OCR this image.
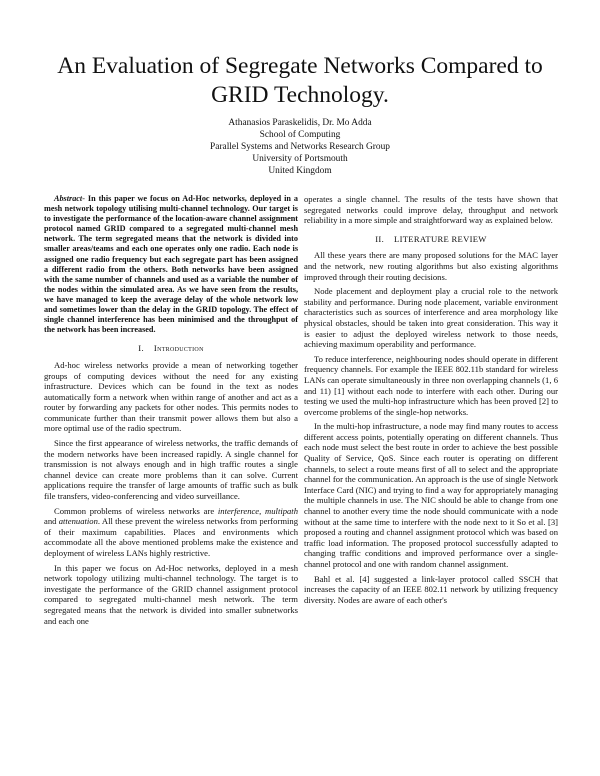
An Evaluation of Segregate Networks Compared to GRID Technology.
Athanasios Paraskelidis, Dr. Mo Adda
School of Computing
Parallel Systems and Networks Research Group
University of Portsmouth
United Kingdom

Abstract- In this paper we focus on Ad-Hoc networks, deployed in a mesh network topology utilising multi-channel technology. Our target is to investigate the performance of the location-aware channel assignment protocol named GRID compared to a segregated multi-channel mesh network. The term segregated means that the network is divided into smaller areas/teams and each one operates only one radio. Each node is assigned one radio frequency but each segregate part has been assigned a different radio from the others. Both networks have been assigned with the same number of channels and used as a variable the number of the nodes within the simulated area. As we have seen from the results, we have managed to keep the average delay of the whole network low and sometimes lower than the delay in the GRID topology. The effect of single channel interference has been minimised and the throughput of the network has been increased.

I. Introduction

Ad-hoc wireless networks provide a mean of networking together groups of computing devices without the need for any existing infrastructure. Devices which can be found in the text as nodes automatically form a network when within range of another and act as a router by forwarding any packets for other nodes. This permits nodes to communicate further than their transmit power allows them but also a more optimal use of the radio spectrum.

Since the first appearance of wireless networks, the traffic demands of the modern networks have been increased rapidly. A single channel for transmission is not always enough and in high traffic routes a single channel device can create more problems than it can solve. Current applications require the transfer of large amounts of traffic such as bulk file transfers, video-conferencing and video surveillance.

Common problems of wireless networks are interference, multipath and attenuation. All these prevent the wireless networks from performing of their maximum capabilities. Places and environments which accommodate all the above mentioned problems make the existence and deployment of wireless LANs highly restrictive.

In this paper we focus on Ad-Hoc networks, deployed in a mesh network topology utilizing multi-channel technology. The target is to investigate the performance of the GRID channel assignment protocol compared to segregated multi-channel mesh network. The term segregated means that the network is divided into smaller subnetworks and each one

operates a single channel. The results of the tests have shown that segregated networks could improve delay, throughput and network reliability in a more simple and straightforward way as explained below.

II. LITERATURE REVIEW

All these years there are many proposed solutions for the MAC layer and the network, new routing algorithms but also existing algorithms improved through their routing decisions.

Node placement and deployment play a crucial role to the network stability and performance. During node placement, variable environment characteristics such as sources of interference and area morphology like physical obstacles, should be taken into great consideration. This way it is easier to adjust the deployed wireless network to those needs, achieving maximum operability and performance.

To reduce interference, neighbouring nodes should operate in different frequency channels. For example the IEEE 802.11b standard for wireless LANs can operate simultaneously in three non overlapping channels (1, 6 and 11) [1] without each node to interfere with each other. During our testing we used the multi-hop infrastructure which has been proved [2] to overcome problems of the single-hop networks.

In the multi-hop infrastructure, a node may find many routes to access different access points, potentially operating on different channels. Thus each node must select the best route in order to achieve the best possible Quality of Service, QoS. Since each router is operating on different channels, to select a route means first of all to select and the appropriate channel for the communication. An approach is the use of single Network Interface Card (NIC) and trying to find a way for appropriately managing the multiple channels in use. The NIC should be able to change from one channel to another every time the node should communicate with a node without at the same time to interfere with the node next to it So et al. [3] proposed a routing and channel assignment protocol which was based on traffic load information. The proposed protocol successfully adapted to changing traffic conditions and improved performance over a single-channel protocol and one with random channel assignment.

Bahl et al. [4] suggested a link-layer protocol called SSCH that increases the capacity of an IEEE 802.11 network by utilizing frequency diversity. Nodes are aware of each other's
